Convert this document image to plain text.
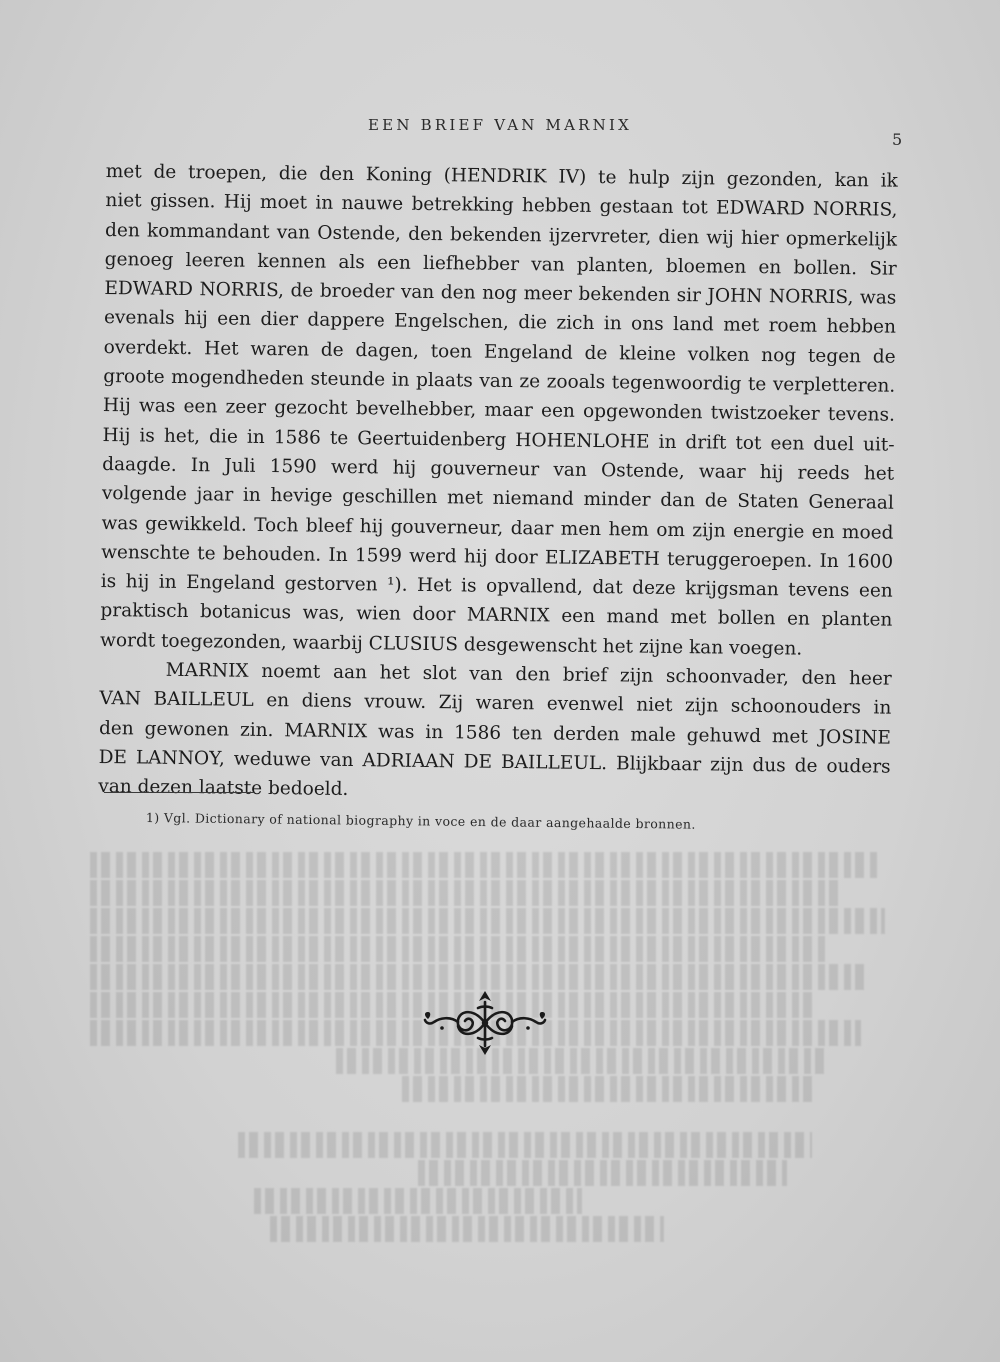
EEN BRIEF VAN MARNIX
5
met de troepen, die den Koning (HENDRIK IV) te hulp zijn gezonden, kan ik
niet gissen. Hij moet in nauwe betrekking hebben gestaan tot EDWARD NORRIS,
den kommandant van Ostende, den bekenden ijzervreter, dien wij hier opmerkelijk
genoeg leeren kennen als een liefhebber van planten, bloemen en bollen. Sir
EDWARD NORRIS, de broeder van den nog meer bekenden sir JOHN NORRIS, was
evenals hij een dier dappere Engelschen, die zich in ons land met roem hebben
overdekt. Het waren de dagen, toen Engeland de kleine volken nog tegen de
groote mogendheden steunde in plaats van ze zooals tegenwoordig te verpletteren.
Hij was een zeer gezocht bevelhebber, maar een opgewonden twistzoeker tevens.
Hij is het, die in 1586 te Geertuidenberg HOHENLOHE in drift tot een duel uit-
daagde. In Juli 1590 werd hij gouverneur van Ostende, waar hij reeds het
volgende jaar in hevige geschillen met niemand minder dan de Staten Generaal
was gewikkeld. Toch bleef hij gouverneur, daar men hem om zijn energie en moed
wenschte te behouden. In 1599 werd hij door ELIZABETH teruggeroepen. In 1600
is hij in Engeland gestorven ¹). Het is opvallend, dat deze krijgsman tevens een
praktisch botanicus was, wien door MARNIX een mand met bollen en planten
wordt toegezonden, waarbij CLUSIUS desgewenscht het zijne kan voegen.
MARNIX noemt aan het slot van den brief zijn schoonvader, den heer
VAN BAILLEUL en diens vrouw. Zij waren evenwel niet zijn schoonouders in
den gewonen zin. MARNIX was in 1586 ten derden male gehuwd met JOSINE
DE LANNOY, weduwe van ADRIAAN DE BAILLEUL. Blijkbaar zijn dus de ouders
van dezen laatste bedoeld.
1) Vgl. Dictionary of national biography in voce en de daar aangehaalde bronnen.
